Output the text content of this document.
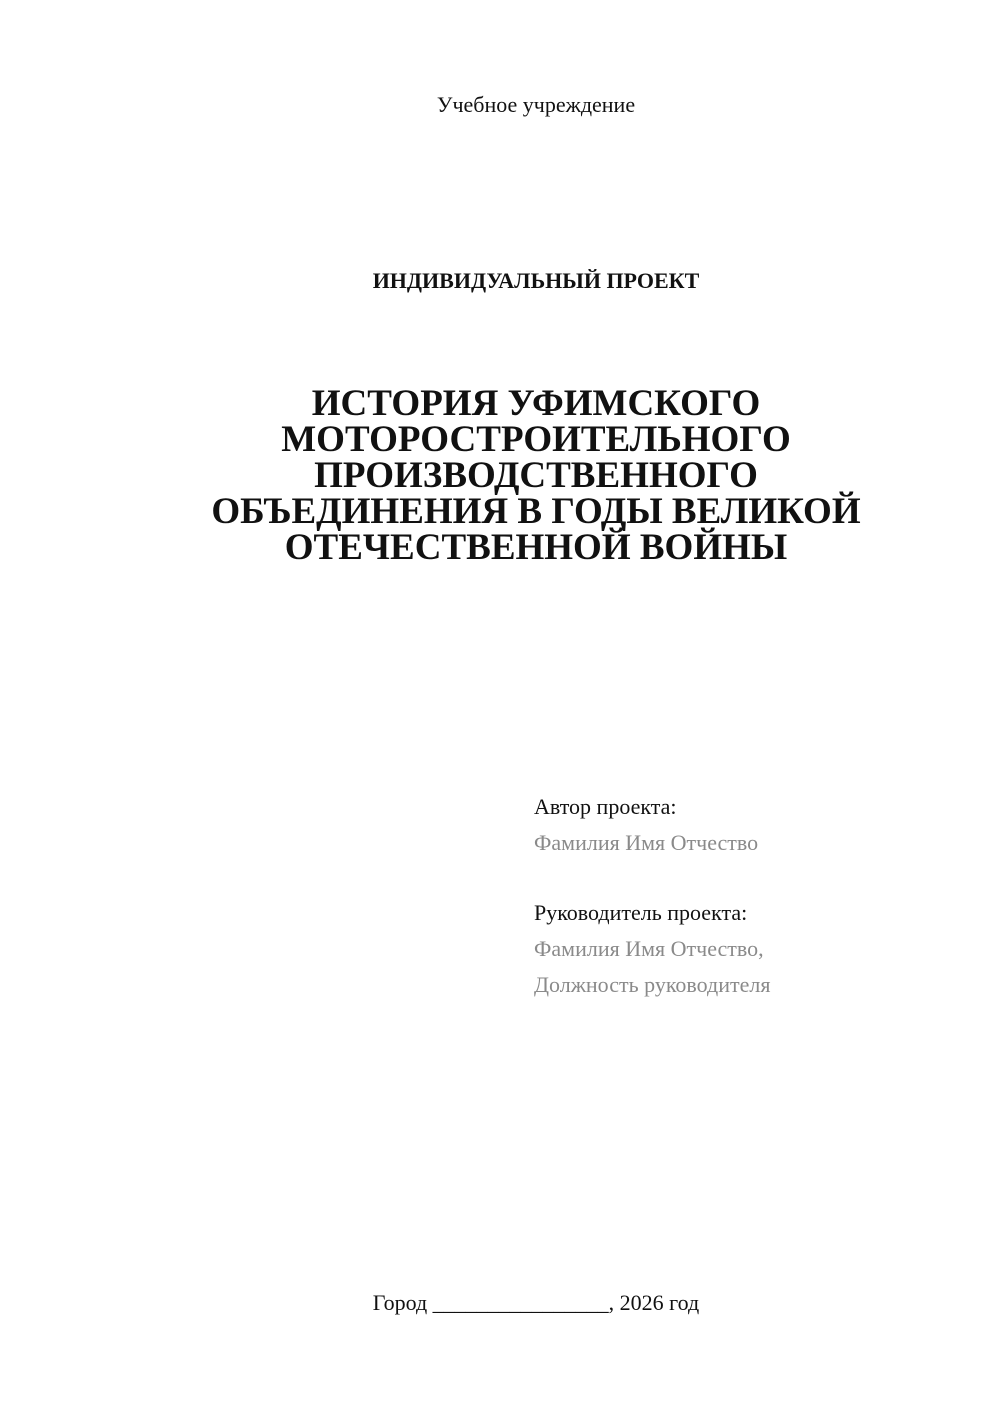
Учебное учреждение
ИНДИВИДУАЛЬНЫЙ ПРОЕКТ
ИСТОРИЯ УФИМСКОГО
МОТОРОСТРОИТЕЛЬНОГО
ПРОИЗВОДСТВЕННОГО
ОБЪЕДИНЕНИЯ В ГОДЫ ВЕЛИКОЙ
ОТЕЧЕСТВЕННОЙ ВОЙНЫ
Автор проекта:
Фамилия Имя Отчество
Руководитель проекта:
Фамилия Имя Отчество,
Должность руководителя
Город ________________, 2026 год
